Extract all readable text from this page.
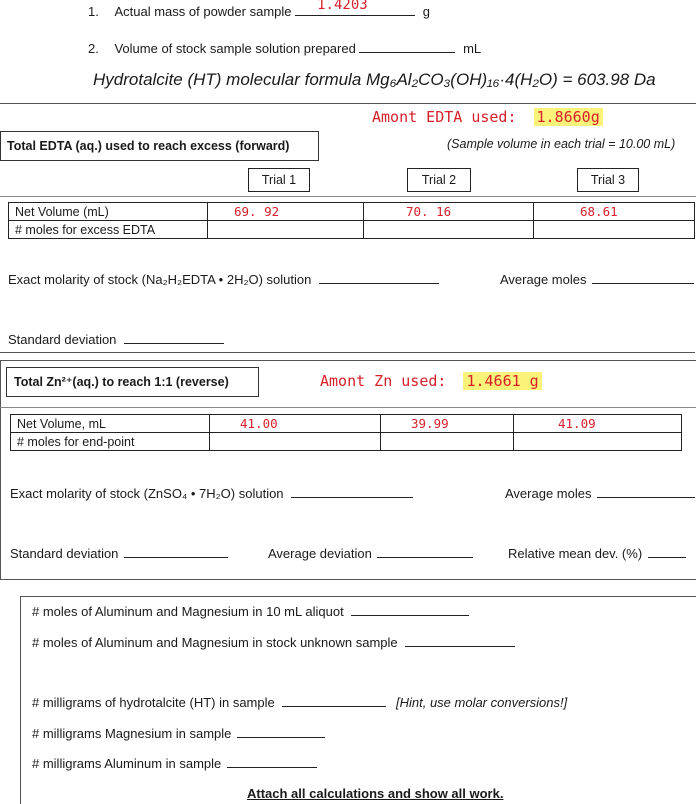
1. Actual mass of powder sample 1.4203	g
2. Volume of stock sample solution prepared	mL
Hydrotalcite (HT) molecular formula Mg₆Al₂CO₃(OH)₁₆·4(H₂O) = 603.98 Da
Amont EDTA used: 1.8660g
Total EDTA (aq.) used to reach excess (forward)	(Sample volume in each trial = 10.00 mL)
Trial 1	Trial 2	Trial 3
Net Volume (mL)	69. 92	70. 16	68.61
# moles for excess EDTA			
Exact molarity of stock (Na₂H₂EDTA • 2H₂O) solution	Average moles
Standard deviation
Total Zn²⁺(aq.) to reach 1:1 (reverse)	Amont Zn used: 1.4661 g
Net Volume, mL	41.00	39.99	41.09
# moles for end-point			
Exact molarity of stock (ZnSO₄ • 7H₂O) solution	Average moles
Standard deviation	Average deviation	Relative mean dev. (%)
# moles of Aluminum and Magnesium in 10 mL aliquot
# moles of Aluminum and Magnesium in stock unknown sample
# milligrams of hydrotalcite (HT) in sample	[Hint, use molar conversions!]
# milligrams Magnesium in sample
# milligrams Aluminum in sample
Attach all calculations and show all work.
